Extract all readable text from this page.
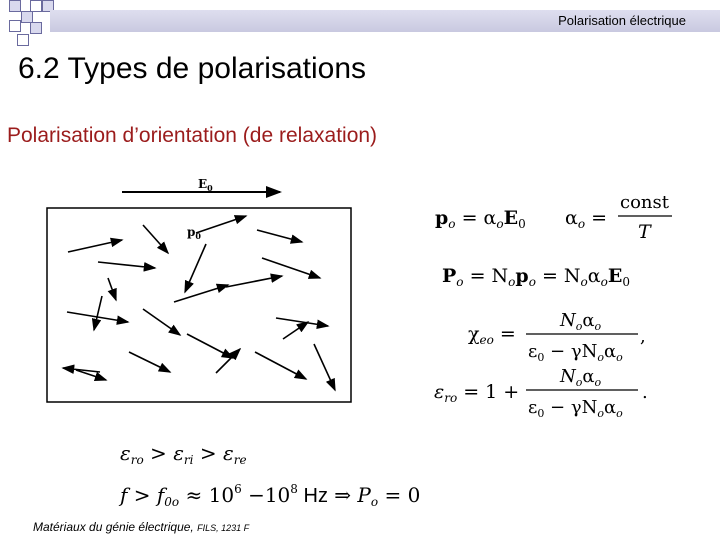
Polarisation électrique
6.2 Types de polarisations
Polarisation d’orientation (de relaxation)
$E_0$
$p_0$
$p_o = \alpha_oE_0$ $\alpha_o$ =
const
T
$P_o = N_op_o = N_o\alpha_oE_0$
$\chi_{eo}$ =
$N_o\alpha_o$
$\varepsilon_0 - \gamma N_o\alpha_o$
,
$\varepsilon_{ro} = 1$ +
$N_o\alpha_o$
$\varepsilon_0 - \gamma N_o\alpha_o$
.
$\varepsilon_{ro} > \varepsilon_{ri} > \varepsilon_{re}$
$f > f_{0o} \approx 10^6 -10^8$ Hz ⇒ $P_o = 0$
Matériaux du génie électrique, FILS, 1231 F
